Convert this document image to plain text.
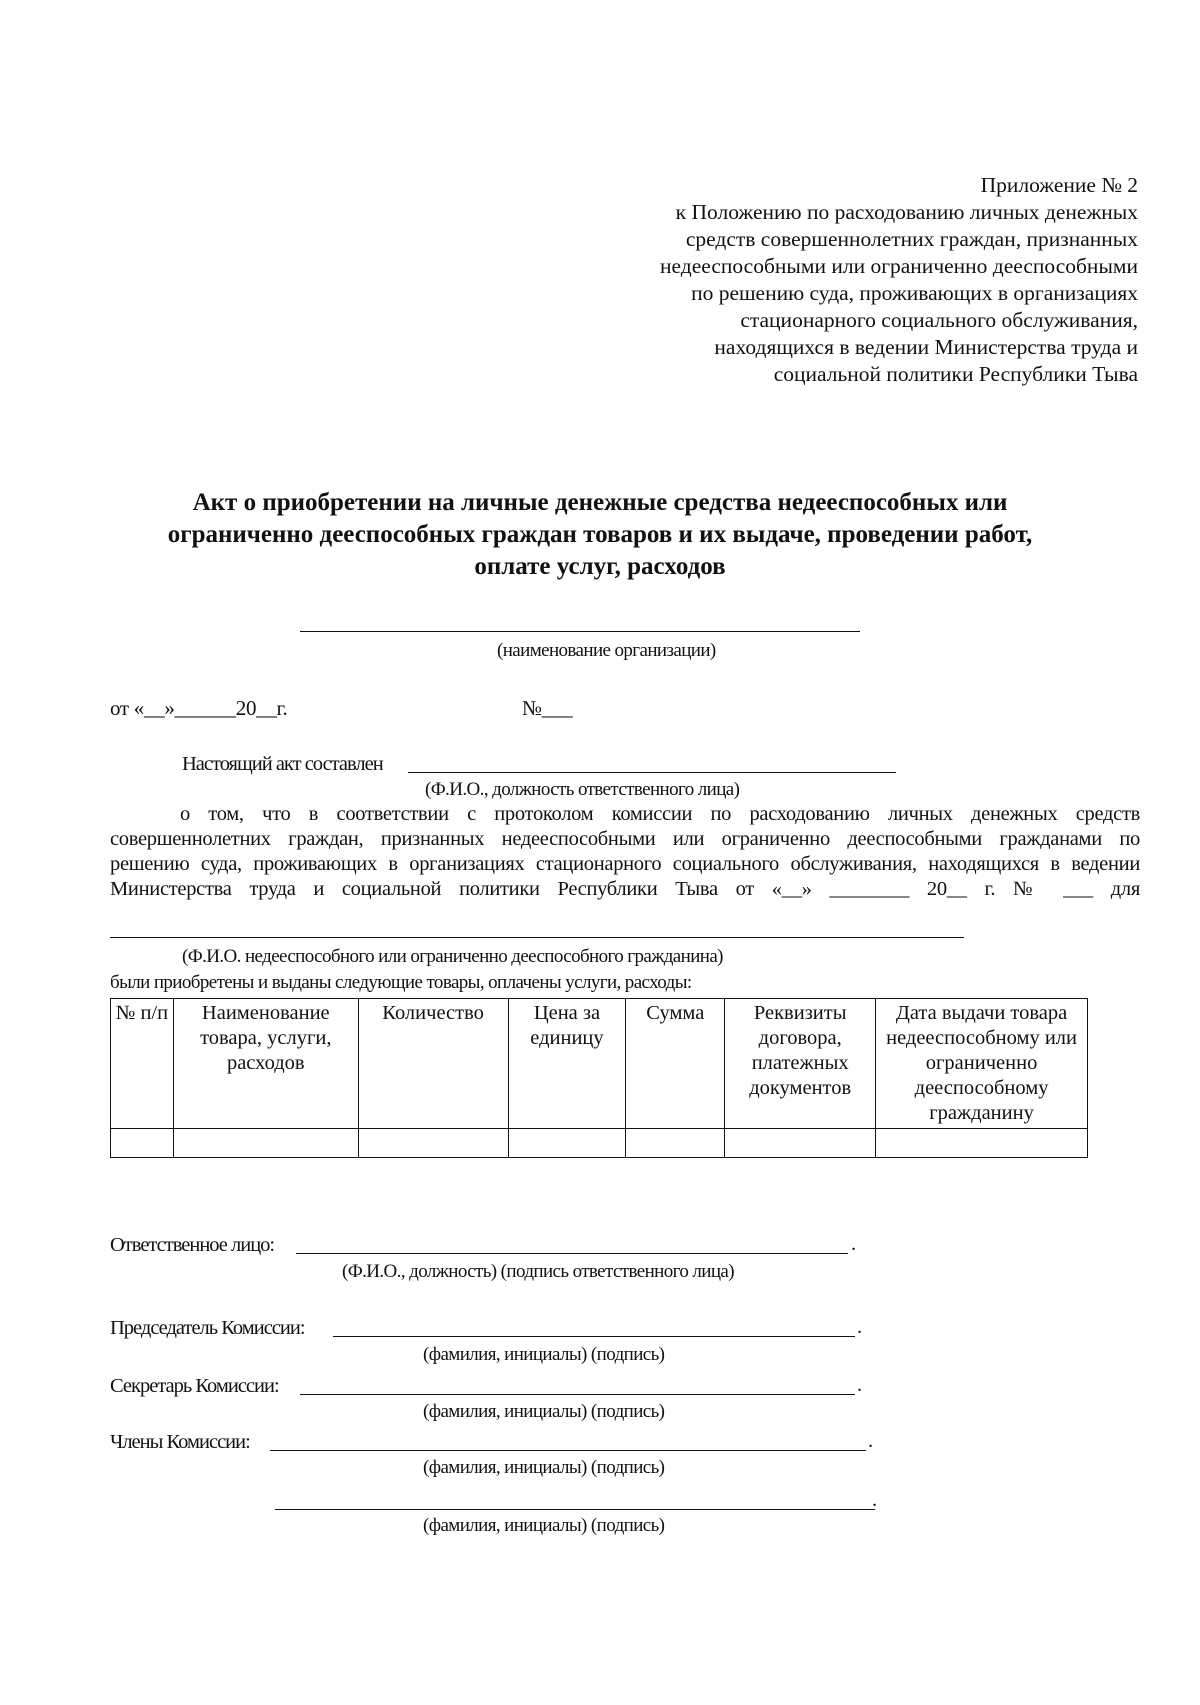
Приложение № 2
к Положению по расходованию личных денежных
средств совершеннолетних граждан, признанных
недееспособными или ограниченно дееспособными
по решению суда, проживающих в организациях
стационарного социального обслуживания,
находящихся в ведении Министерства труда и
социальной политики Республики Тыва
Акт о приобретении на личные денежные средства недееспособных или
ограниченно дееспособных граждан товаров и их выдаче, проведении работ,
оплате услуг, расходов
(наименование организации)
от «__»______20__г.	№___
Настоящий акт составлен
(Ф.И.О., должность ответственного лица)
о том, что в соответствии с протоколом комиссии по расходованию личных денежных средств
совершеннолетних граждан, признанных недееспособными или ограниченно дееспособными гражданами по
решению суда, проживающих в организациях стационарного социального обслуживания, находящихся в ведении
Министерства труда и социальной политики Республики Тыва от «__» ________ 20__ г. № ___ для
(Ф.И.О. недееспособного или ограниченно дееспособного гражданина)
были приобретены и выданы следующие товары, оплачены услуги, расходы:
№ п/п	Наименование товара, услуги, расходов	Количество	Цена за единицу	Сумма	Реквизиты договора, платежных документов	Дата выдачи товара недееспособному или ограниченно дееспособному гражданину

Ответственное лицо:	.
(Ф.И.О., должность) (подпись ответственного лица)
Председатель Комиссии:	.
(фамилия, инициалы) (подпись)
Секретарь Комиссии:	.
(фамилия, инициалы) (подпись)
Члены Комиссии:	.
(фамилия, инициалы) (подпись)
.
(фамилия, инициалы) (подпись)
